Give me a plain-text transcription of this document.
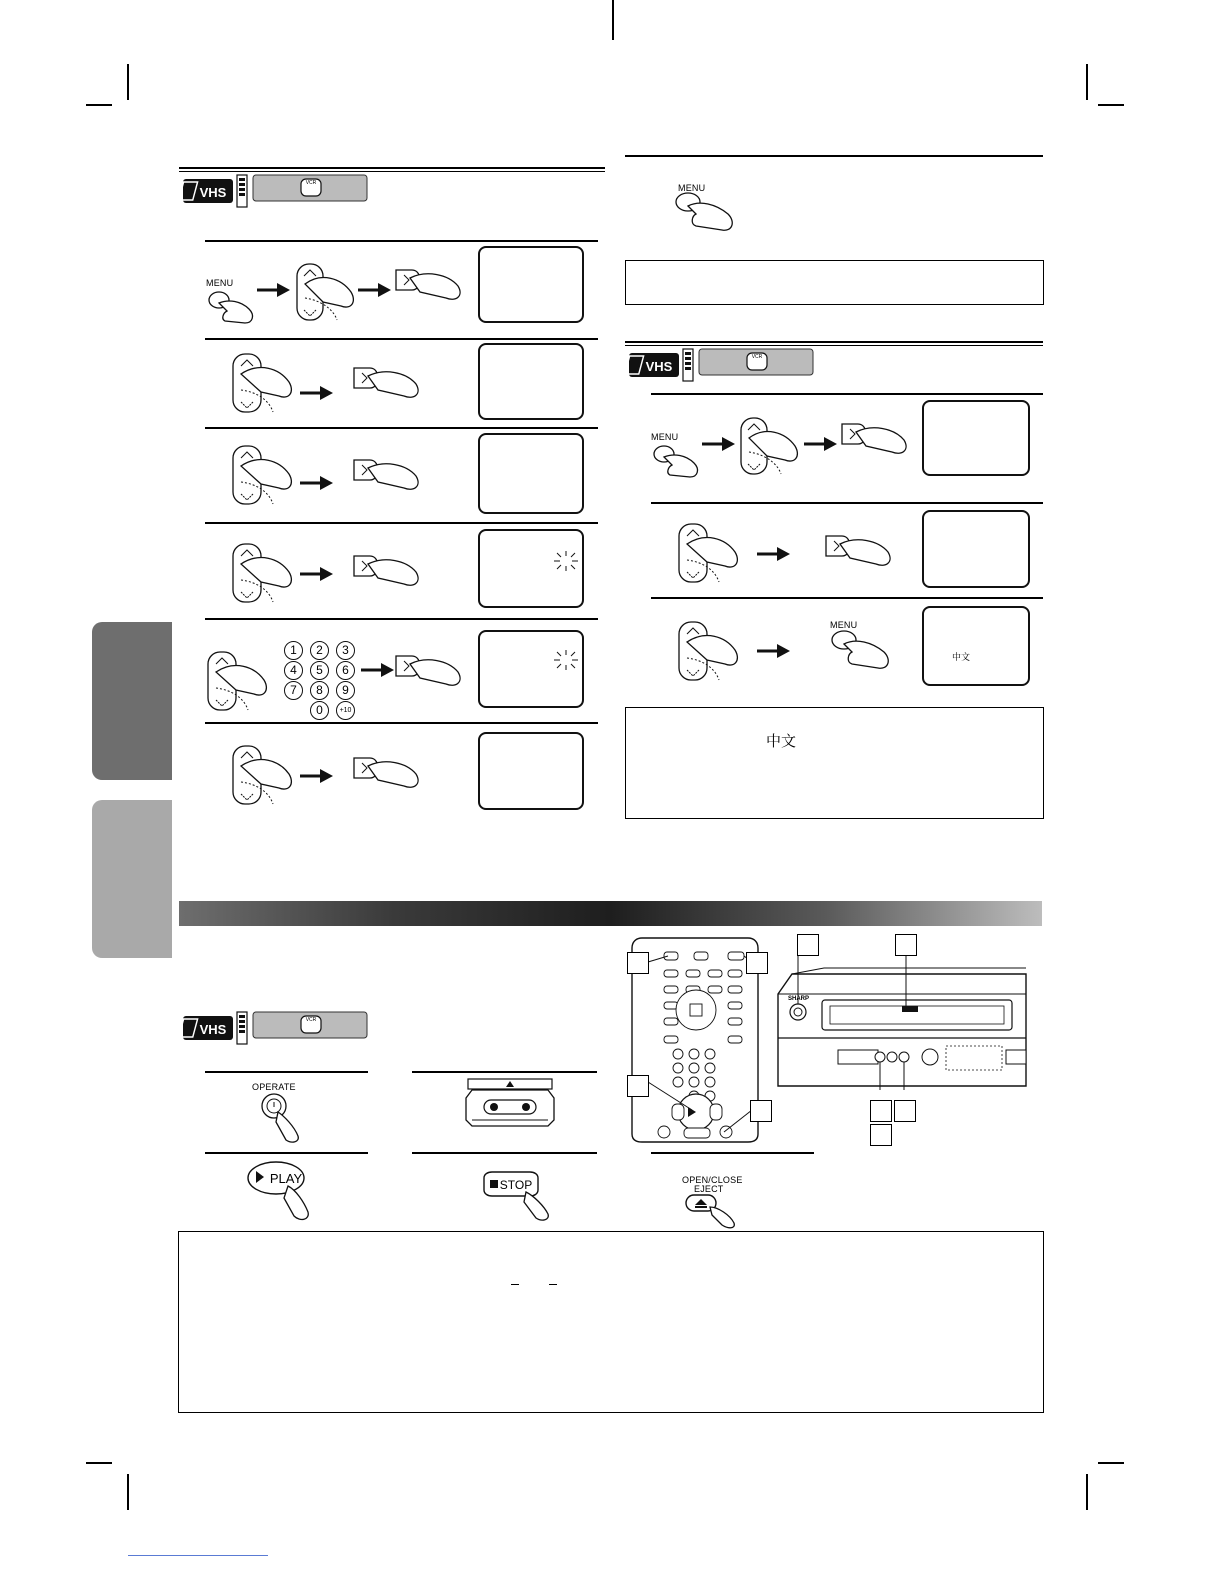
VHS
VCR
MENU
1	2	3
4	5	6
7	8	9
0	+10
MENU
VHS
VCR
中文
MENU
MENU
中文
VHS
VCR
OPERATE
PLAY	STOP	OPEN/CLOSE
EJECT
SHARP
